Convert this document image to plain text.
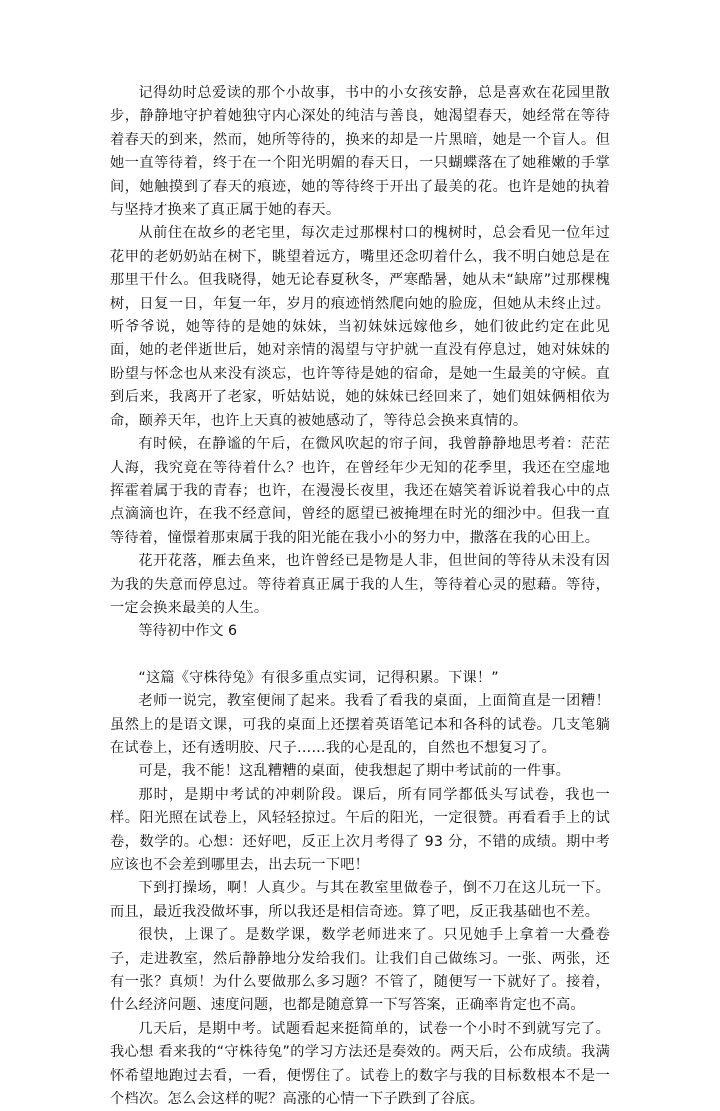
记得幼时总爱读的那个小故事，书中的小女孩安静，总是喜欢在花园里散步，静静地守护着她独守内心深处的纯洁与善良，她渴望春天，她经常在等待着春天的到来，然而，她所等待的，换来的却是一片黑暗，她是一个盲人。但她一直等待着，终于在一个阳光明媚的春天日，一只蝴蝶落在了她稚嫩的手掌间，她触摸到了春天的痕迹，她的等待终于开出了最美的花。也许是她的执着与坚持才换来了真正属于她的春天。

从前住在故乡的老宅里，每次走过那棵村口的槐树时，总会看见一位年过花甲的老奶奶站在树下，眺望着远方，嘴里还念叨着什么，我不明白她总是在那里干什么。但我晓得，她无论春夏秋冬，严寒酷暑，她从未“缺席”过那棵槐树，日复一日，年复一年，岁月的痕迹悄然爬向她的脸庞，但她从未终止过。听爷爷说，她等待的是她的妹妹，当初妹妹远嫁他乡，她们彼此约定在此见面，她的老伴逝世后，她对亲情的渴望与守护就一直没有停息过，她对妹妹的盼望与怀念也从来没有淡忘，也许等待是她的宿命，是她一生最美的守候。直到后来，我离开了老家，听姑姑说，她的妹妹已经回来了，她们姐妹俩相依为命，颐养天年，也许上天真的被她感动了，等待总会换来真情的。

有时候，在静谧的午后，在微风吹起的帘子间，我曾静静地思考着：茫茫人海，我究竟在等待着什么？也许，在曾经年少无知的花季里，我还在空虚地挥霍着属于我的青春；也许，在漫漫长夜里，我还在嬉笑着诉说着我心中的点点滴滴也许，在我不经意间，曾经的愿望已被掩埋在时光的细沙中。但我一直等待着，憧憬着那束属于我的阳光能在我小小的努力中，撒落在我的心田上。

花开花落，雁去鱼来，也许曾经已是物是人非，但世间的等待从未没有因为我的失意而停息过。等待着真正属于我的人生，等待着心灵的慰藉。等待，一定会换来最美的人生。

等待初中作文 6

“这篇《守株待兔》有很多重点实词，记得积累。下课！”

老师一说完，教室便闹了起来。我看了看我的桌面，上面简直是一团糟！虽然上的是语文课，可我的桌面上还摆着英语笔记本和各科的试卷。几支笔躺在试卷上，还有透明胶、尺子……我的心是乱的，自然也不想复习了。

可是，我不能！这乱糟糟的桌面，使我想起了期中考试前的一件事。

那时，是期中考试的冲刺阶段。课后，所有同学都低头写试卷，我也一样。阳光照在试卷上，风轻轻掠过。午后的阳光，一定很赞。再看看手上的试卷，数学的。心想：还好吧，反正上次月考得了 93 分，不错的成绩。期中考应该也不会差到哪里去，出去玩一下吧！

下到打操场，啊！人真少。与其在教室里做卷子，倒不刀在这儿玩一下。而且，最近我没做坏事，所以我还是相信奇迹。算了吧，反正我基础也不差。

很快，上课了。是数学课，数学老师进来了。只见她手上拿着一大叠卷子，走进教室，然后静静地分发给我们。让我们自己做练习。一张、两张，还有一张？真烦！为什么要做那么多习题？不管了，随便写一下就好了。接着，什么经济问题、速度问题，也都是随意算一下写答案，正确率肯定也不高。

几天后，是期中考。试题看起来挺简单的，试卷一个小时不到就写完了。我心想 看来我的“守株待兔”的学习方法还是奏效的。两天后，公布成绩。我满怀希望地跑过去看，一看，便愣住了。试卷上的数字与我的目标数根本不是一个档次。怎么会这样的呢？高涨的心情一下子跌到了谷底。
